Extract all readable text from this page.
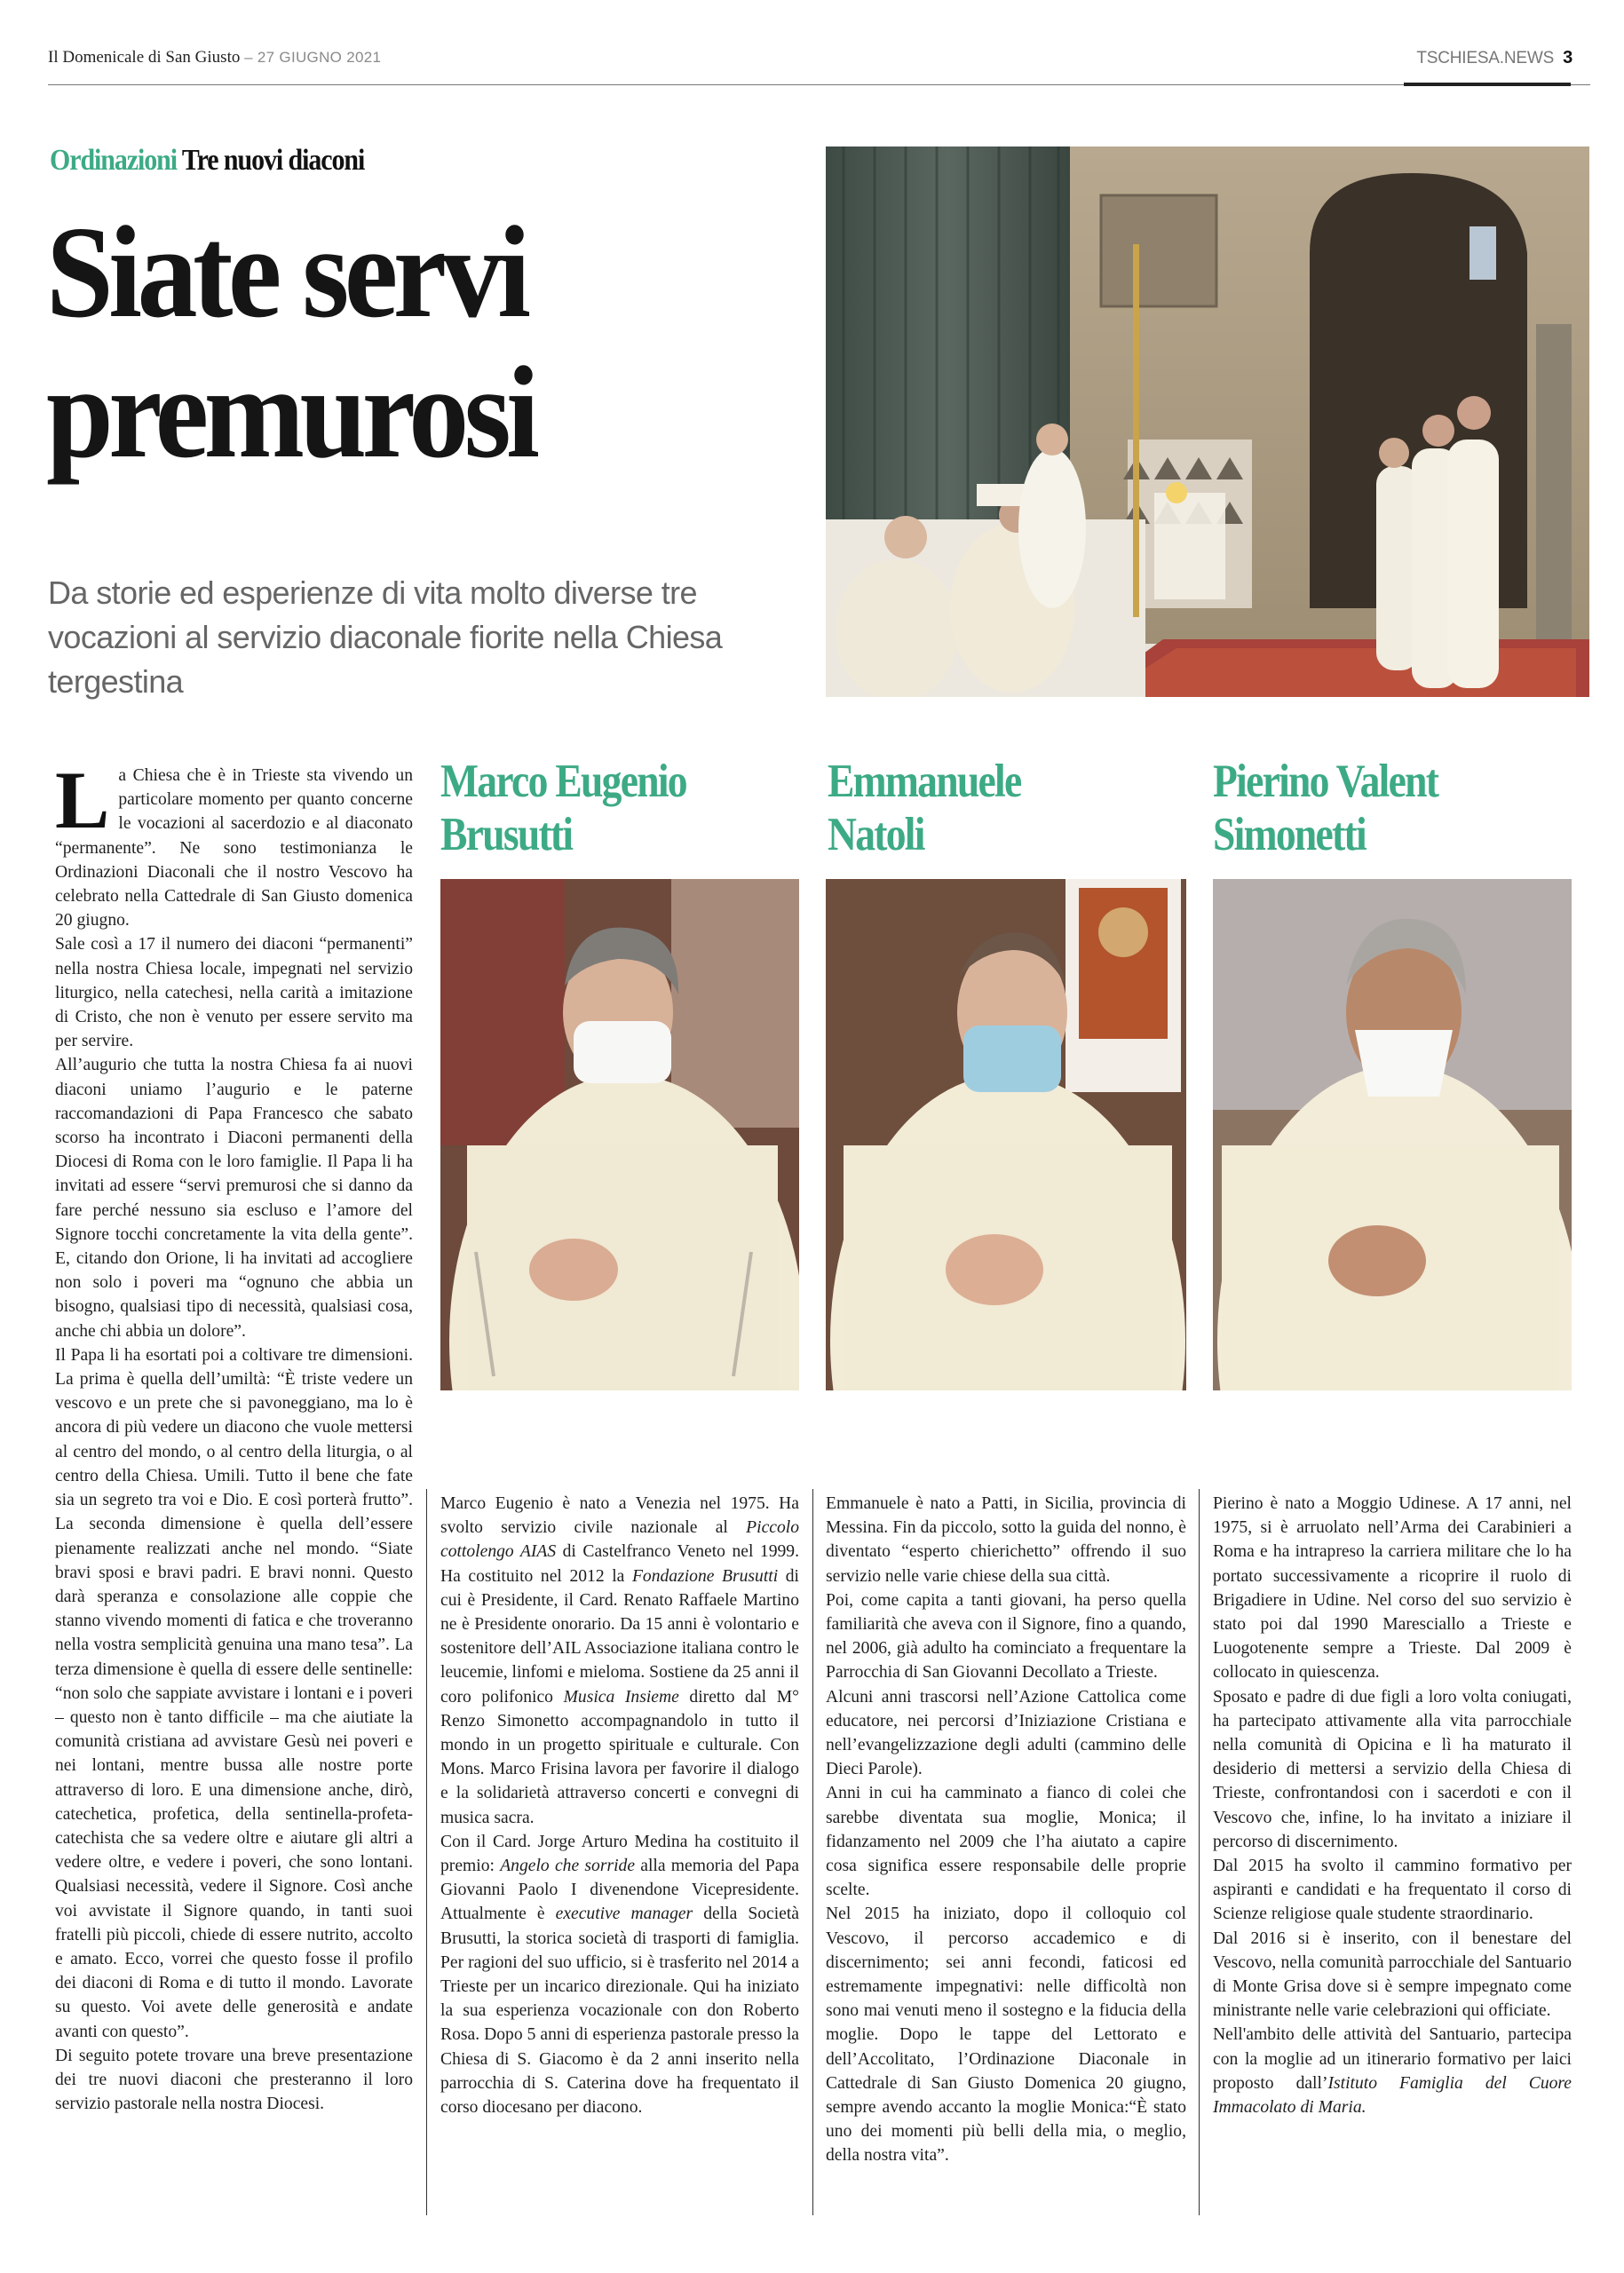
Il Domenicale di San Giusto – 27 GIUGNO 2021	TSCHIESA.NEWS 3
Ordinazioni Tre nuovi diaconi
Siate servi
premurosi
Da storie ed esperienze di vita molto diverse tre vocazioni al servizio diaconale fiorite nella Chiesa tergestina
Marco Eugenio
Brusutti
Emmanuele
Natoli
Pierino Valent
Simonetti
L a Chiesa che è in Trieste sta vivendo un particolare momento per quanto concerne le vocazioni al sacerdozio e al diaconato “permanente”. Ne sono testimonianza le Ordinazioni Diaconali che il nostro Vescovo ha celebrato nella Cattedrale di San Giusto domenica 20 giugno.

Sale così a 17 il numero dei diaconi “permanenti” nella nostra Chiesa locale, impegnati nel servizio liturgico, nella catechesi, nella carità a imitazione di Cristo, che non è venuto per essere servito ma per servire.

All’augurio che tutta la nostra Chiesa fa ai nuovi diaconi uniamo l’augurio e le paterne raccomandazioni di Papa Francesco che sabato scorso ha incontrato i Diaconi permanenti della Diocesi di Roma con le loro famiglie. Il Papa li ha invitati ad essere “servi premurosi che si danno da fare perché nessuno sia escluso e l’amore del Signore tocchi concretamente la vita della gente”. E, citando don Orione, li ha invitati ad accogliere non solo i poveri ma “ognuno che abbia un bisogno, qualsiasi tipo di necessità, qualsiasi cosa, anche chi abbia un dolore”.

Il Papa li ha esortati poi a coltivare tre dimensioni. La prima è quella dell’umiltà: “È triste vedere un vescovo e un prete che si pavoneggiano, ma lo è ancora di più vedere un diacono che vuole mettersi al centro del mondo, o al centro della liturgia, o al centro della Chiesa. Umili. Tutto il bene che fate sia un segreto tra voi e Dio. E così porterà frutto”. La seconda dimensione è quella dell’essere pienamente realizzati anche nel mondo. “Siate bravi sposi e bravi padri. E bravi nonni. Questo darà speranza e consolazione alle coppie che stanno vivendo momenti di fatica e che troveranno nella vostra semplicità genuina una mano tesa”. La terza dimensione è quella di essere delle sentinelle: “non solo che sappiate avvistare i lontani e i poveri – questo non è tanto difficile – ma che aiutiate la comunità cristiana ad avvistare Gesù nei poveri e nei lontani, mentre bussa alle nostre porte attraverso di loro. E una dimensione anche, dirò, catechetica, profetica, della sentinella-profeta-catechista che sa vedere oltre e aiutare gli altri a vedere oltre, e vedere i poveri, che sono lontani. Qualsiasi necessità, vedere il Signore. Così anche voi avvistate il Signore quando, in tanti suoi fratelli più piccoli, chiede di essere nutrito, accolto e amato. Ecco, vorrei che questo fosse il profilo dei diaconi di Roma e di tutto il mondo. Lavorate su questo. Voi avete delle generosità e andate avanti con questo”.

Di seguito potete trovare una breve presentazione dei tre nuovi diaconi che presteranno il loro servizio pastorale nella nostra Diocesi.

Marco Eugenio è nato a Venezia nel 1975. Ha svolto servizio civile nazionale al Piccolo cottolengo AIAS di Castelfranco Veneto nel 1999. Ha costituito nel 2012 la Fondazione Brusutti di cui è Presidente, il Card. Renato Raffaele Martino ne è Presidente onorario. Da 15 anni è volontario e sostenitore dell’AIL Associazione italiana contro le leucemie, linfomi e mieloma. Sostiene da 25 anni il coro polifonico Musica Insieme diretto dal M° Renzo Simonetto accompagnandolo in tutto il mondo in un progetto spirituale e culturale. Con Mons. Marco Frisina lavora per favorire il dialogo e la solidarietà attraverso concerti e convegni di musica sacra.

Con il Card. Jorge Arturo Medina ha costituito il premio: Angelo che sorride alla memoria del Papa Giovanni Paolo I divenendone Vicepresidente. Attualmente è executive manager della Società Brusutti, la storica società di trasporti di famiglia. Per ragioni del suo ufficio, si è trasferito nel 2014 a Trieste per un incarico direzionale. Qui ha iniziato la sua esperienza vocazionale con don Roberto Rosa. Dopo 5 anni di esperienza pastorale presso la Chiesa di S. Giacomo è da 2 anni inserito nella parrocchia di S. Caterina dove ha frequentato il corso diocesano per diacono.

Emmanuele è nato a Patti, in Sicilia, provincia di Messina. Fin da piccolo, sotto la guida del nonno, è diventato “esperto chierichetto” offrendo il suo servizio nelle varie chiese della sua città.

Poi, come capita a tanti giovani, ha perso quella familiarità che aveva con il Signore, fino a quando, nel 2006, già adulto ha cominciato a frequentare la Parrocchia di San Giovanni Decollato a Trieste.

Alcuni anni trascorsi nell’Azione Cattolica come educatore, nei percorsi d’Iniziazione Cristiana e nell’evangelizzazione degli adulti (cammino delle Dieci Parole).

Anni in cui ha camminato a fianco di colei che sarebbe diventata sua moglie, Monica; il fidanzamento nel 2009 che l’ha aiutato a capire cosa significa essere responsabile delle proprie scelte.

Nel 2015 ha iniziato, dopo il colloquio col Vescovo, il percorso accademico e di discernimento; sei anni fecondi, faticosi ed estremamente impegnativi: nelle difficoltà non sono mai venuti meno il sostegno e la fiducia della moglie. Dopo le tappe del Lettorato e dell’Accolitato, l’Ordinazione Diaconale in Cattedrale di San Giusto Domenica 20 giugno, sempre avendo accanto la moglie Monica:“È stato uno dei momenti più belli della mia, o meglio, della nostra vita”.

Pierino è nato a Moggio Udinese. A 17 anni, nel 1975, si è arruolato nell’Arma dei Carabinieri a Roma e ha intrapreso la carriera militare che lo ha portato successivamente a ricoprire il ruolo di Brigadiere in Udine. Nel corso del suo servizio è stato poi dal 1990 Maresciallo a Trieste e Luogotenente sempre a Trieste. Dal 2009 è collocato in quiescenza.

Sposato e padre di due figli a loro volta coniugati, ha partecipato attivamente alla vita parrocchiale nella comunità di Opicina e lì ha maturato il desiderio di mettersi a servizio della Chiesa di Trieste, confrontandosi con i sacerdoti e con il Vescovo che, infine, lo ha invitato a iniziare il percorso di discernimento.

Dal 2015 ha svolto il cammino formativo per aspiranti e candidati e ha frequentato il corso di Scienze religiose quale studente straordinario.

Dal 2016 si è inserito, con il benestare del Vescovo, nella comunità parrocchiale del Santuario di Monte Grisa dove si è sempre impegnato come ministrante nelle varie celebrazioni qui officiate.

Nell'ambito delle attività del Santuario, partecipa con la moglie ad un itinerario formativo per laici proposto dall’Istituto Famiglia del Cuore Immacolato di Maria.
